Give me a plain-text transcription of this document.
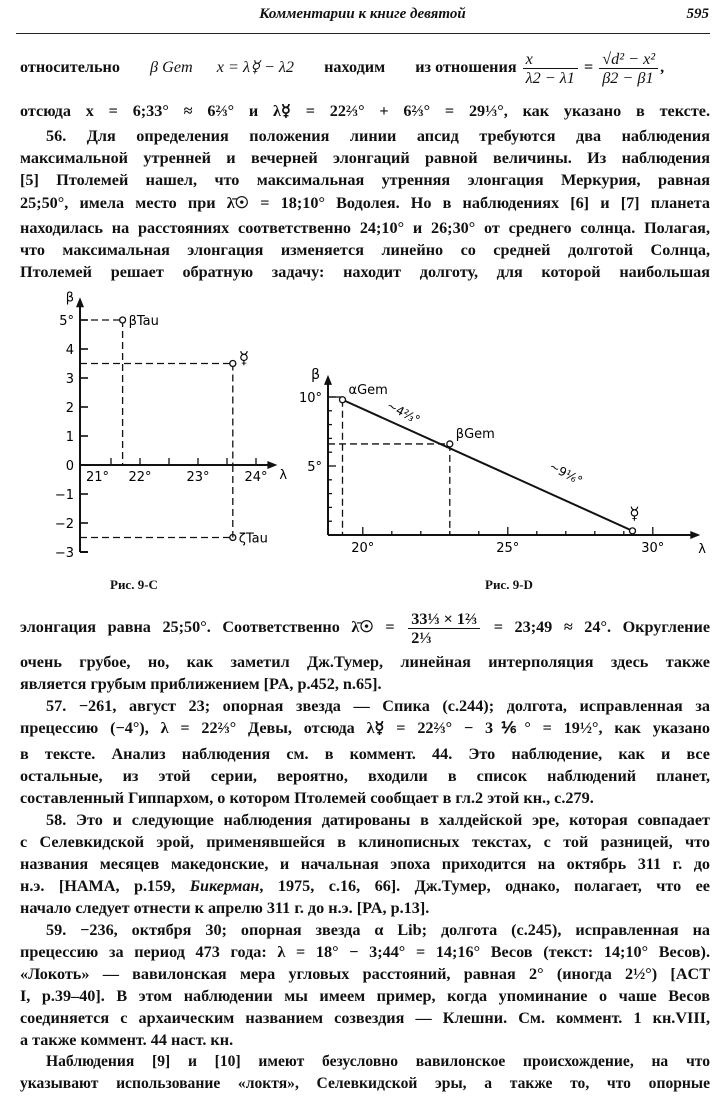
Комментарии к книге девятой	595
относительно β Gem x = λ☿ − λ2 находим из отношения $\frac{x}{\lambda 2 - \lambda 1} = \frac{\text{√d² − x²}}{\beta 2 - \beta 1}$ ,
отсюда x = 6;33° ≈ 6⅔° и λ☿ = 22⅔° + 6⅔° = 29⅓°, как указано в тексте.
56. Для определения положения линии апсид требуются два наблюдения
максимальной утренней и вечерней элонгаций равной величины. Из наблюдения
[5] Птолемей нашел, что максимальная утренняя элонгация Меркурия, равная
25;50°, имела место при λ̄☉ = 18;10° Водолея. Но в наблюдениях [6] и [7] планета
находилась на расстояниях соответственно 24;10° и 26;30° от среднего солнца. Полагая,
что максимальная элонгация изменяется линейно со средней долготой Солнца,
Птолемей решает обратную задачу: находит долготу, для которой наибольшая
β
λ
−3
−2
−1
0
1
2
3
4
5°
21° 22°	23°	24°
βTau
☿
ζTau
Рис. 9-C
β
λ
5°
10°
20°	25°	30°
αGem
βGem
☿
~4⅔°
~9⅙°
Рис. 9-D
элонгация равна 25;50°. Соответственно λ̄☉ = $\frac{\text{33⅓ × 1⅔}}{\text{2⅓}}$ = 23;49 ≈ 24°. Округление
очень грубое, но, как заметил Дж.Тумер, линейная интерполяция здесь также
является грубым приближением [PA, p.452, n.65].
57. −261, август 23; опорная звезда — Спика (с.244); долгота, исправленная за
прецессию (−4°), λ = 22⅔° Девы, отсюда λ☿ = 22⅔° − 3⅙° = 19½°, как указано
в тексте. Анализ наблюдения см. в коммент. 44. Это наблюдение, как и все
остальные, из этой серии, вероятно, входили в список наблюдений планет,
составленный Гиппархом, о котором Птолемей сообщает в гл.2 этой кн., с.279.
58. Это и следующие наблюдения датированы в халдейской эре, которая совпадает
с Селевкидской эрой, применявшейся в клинописных текстах, с той разницей, что
названия месяцев македонские, и начальная эпоха приходится на октябрь 311 г. до
н.э. [HAMA, p.159, Бикерман, 1975, с.16, 66]. Дж.Тумер, однако, полагает, что ее
начало следует отнести к апрелю 311 г. до н.э. [PA, p.13].
59. −236, октября 30; опорная звезда α Lib; долгота (с.245), исправленная на
прецессию за период 473 года: λ = 18° − 3;44° = 14;16° Весов (текст: 14;10° Весов).
«Локоть» — вавилонская мера угловых расстояний, равная 2° (иногда 2½°) [ACT
I, p.39–40]. В этом наблюдении мы имеем пример, когда упоминание о чаше Весов
соединяется с архаическим названием созвездия — Клешни. См. коммент. 1 кн.VIII,
а также коммент. 44 наст. кн.
Наблюдения [9] и [10] имеют безусловно вавилонское происхождение, на что
указывают использование «локтя», Селевкидской эры, а также то, что опорные
